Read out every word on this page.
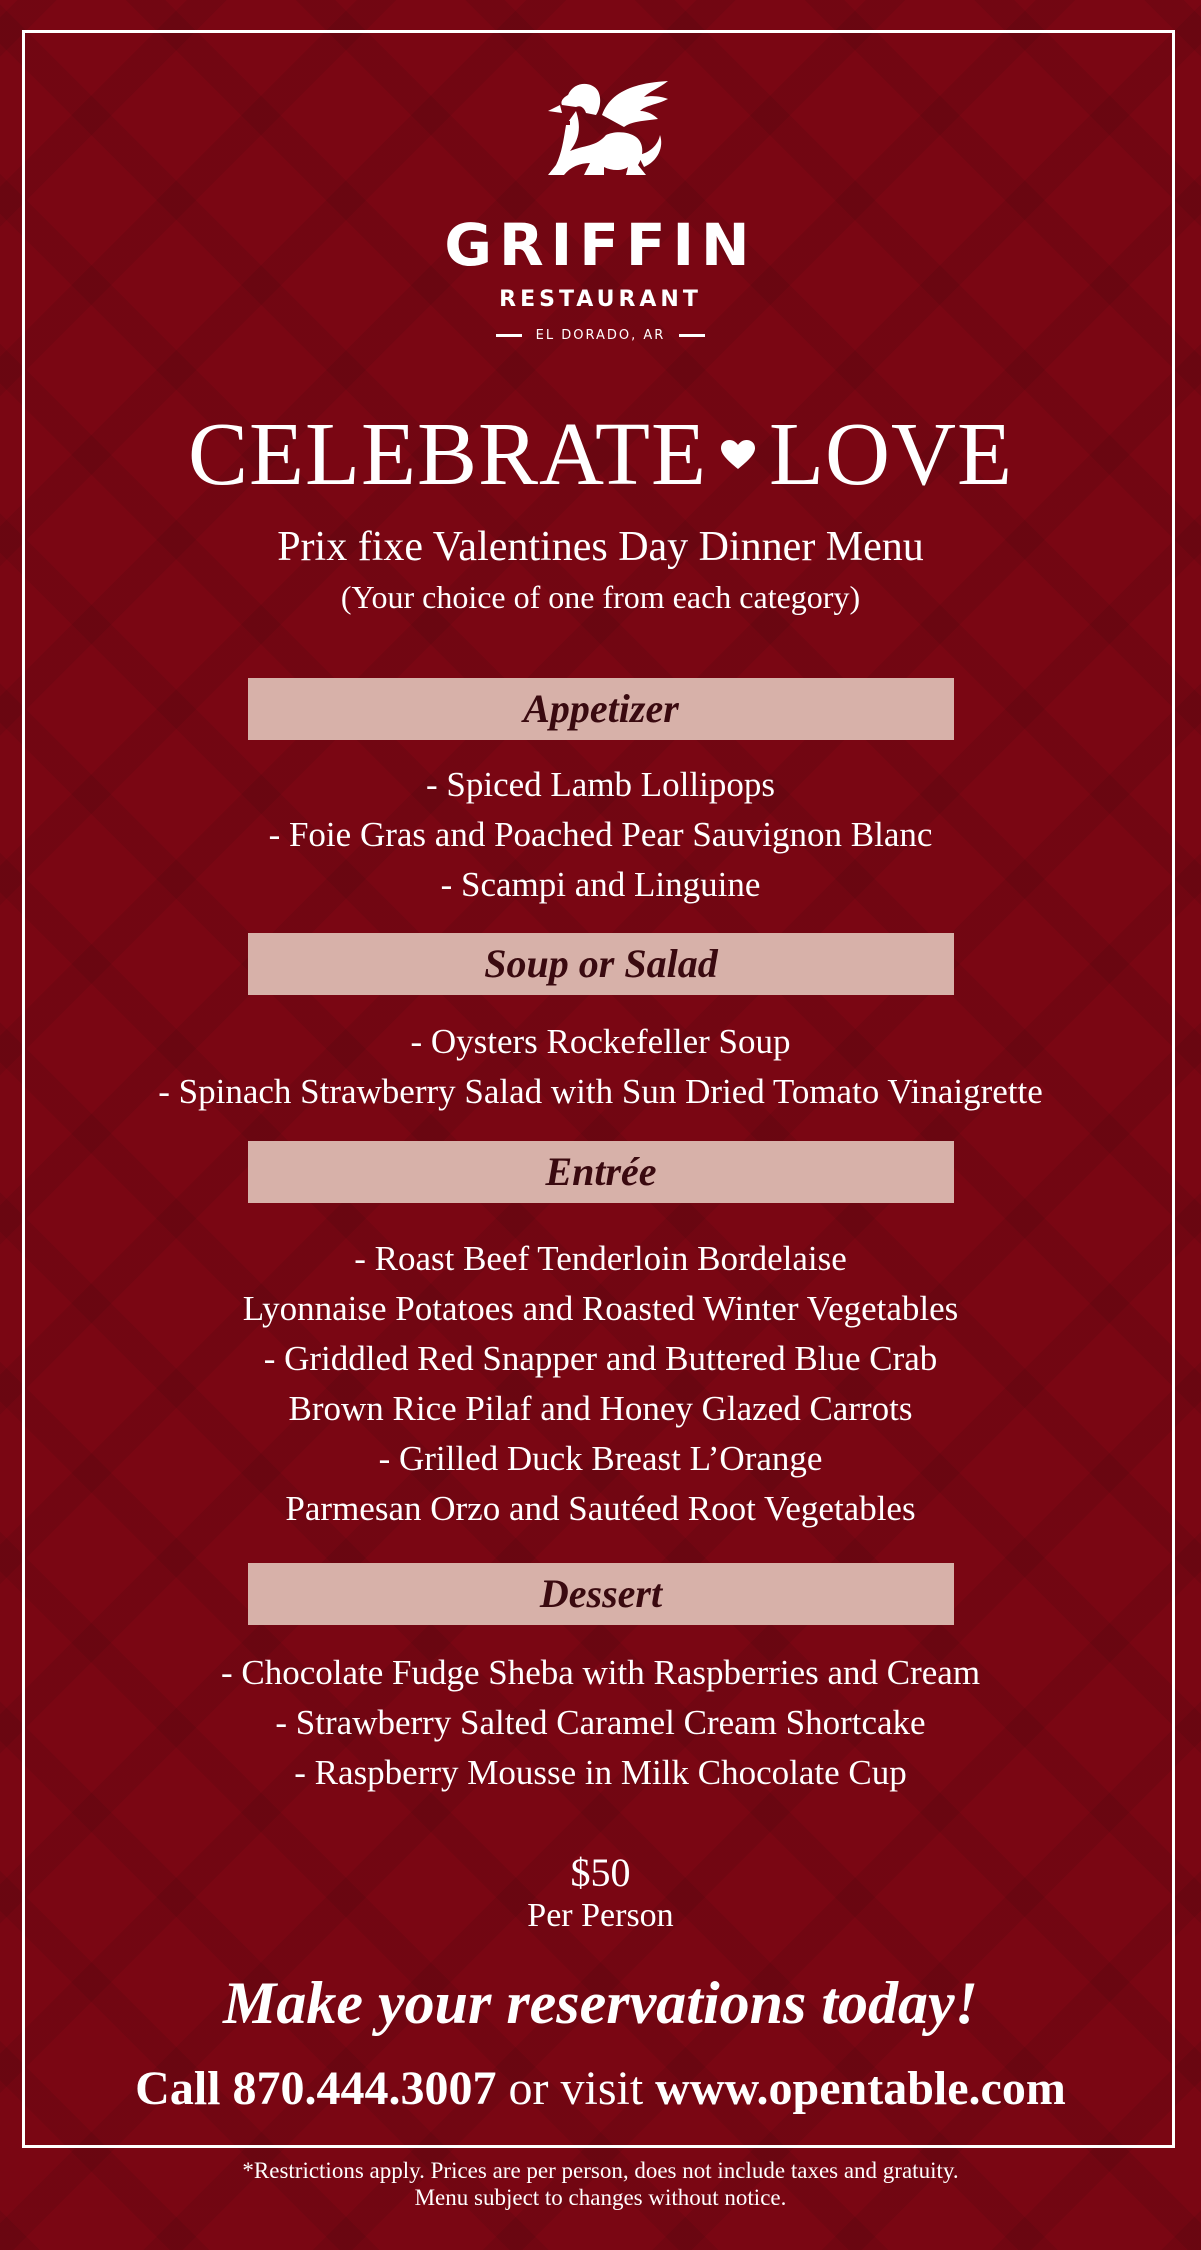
GRIFFIN
RESTAURANT
EL DORADO, AR
CELEBRATE LOVE
Prix fixe Valentines Day Dinner Menu
(Your choice of one from each category)
Appetizer
- Spiced Lamb Lollipops
- Foie Gras and Poached Pear Sauvignon Blanc
- Scampi and Linguine
Soup or Salad
- Oysters Rockefeller Soup
- Spinach Strawberry Salad with Sun Dried Tomato Vinaigrette
Entrée
- Roast Beef Tenderloin Bordelaise
Lyonnaise Potatoes and Roasted Winter Vegetables
- Griddled Red Snapper and Buttered Blue Crab
Brown Rice Pilaf and Honey Glazed Carrots
- Grilled Duck Breast L’Orange
Parmesan Orzo and Sautéed Root Vegetables
Dessert
- Chocolate Fudge Sheba with Raspberries and Cream
- Strawberry Salted Caramel Cream Shortcake
- Raspberry Mousse in Milk Chocolate Cup
$50
Per Person
Make your reservations today!
Call 870.444.3007 or visit www.opentable.com
*Restrictions apply. Prices are per person, does not include taxes and gratuity.
Menu subject to changes without notice.
